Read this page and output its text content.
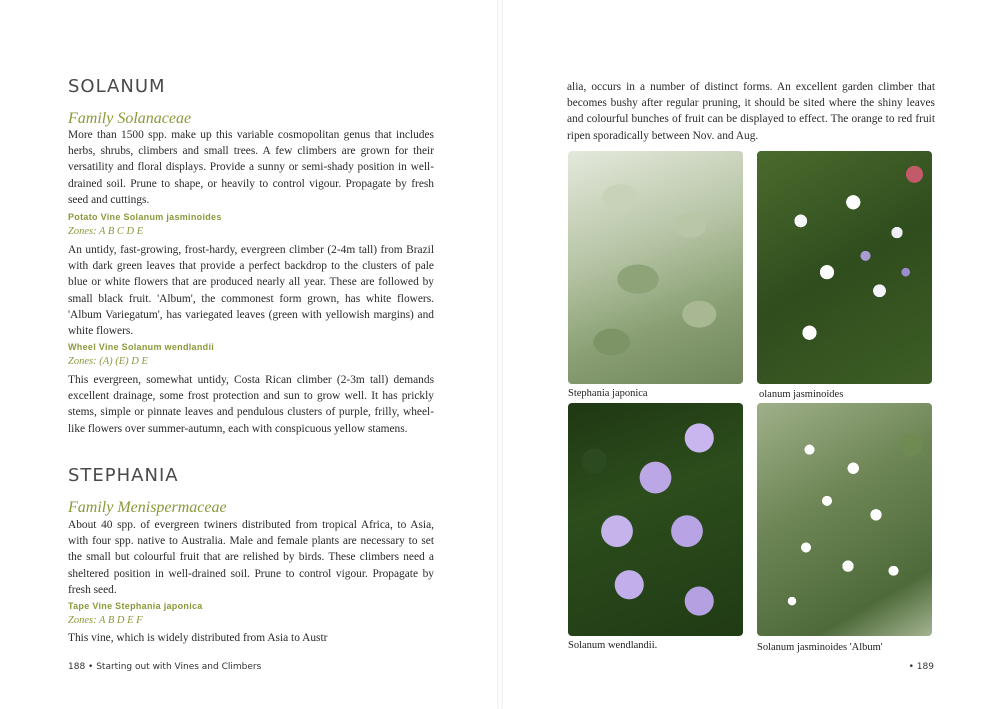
SOLANUM
Family Solanaceae

More than 1500 spp. make up this variable cosmopolitan genus that includes herbs, shrubs, climbers and small trees. A few climbers are grown for their versatility and floral displays. Provide a sunny or semi-shady position in well-drained soil. Prune to shape, or heavily to control vigour. Propagate by fresh seed and cuttings.

Potato Vine Solanum jasminoides
Zones: A B C D E

An untidy, fast-growing, frost-hardy, evergreen climber (2-4m tall) from Brazil with dark green leaves that provide a perfect backdrop to the clusters of pale blue or white flowers that are produced nearly all year. These are followed by small black fruit. 'Album', the commonest form grown, has white flowers. 'Album Variegatum', has variegated leaves (green with yellowish margins) and white flowers.

Wheel Vine Solanum wendlandii
Zones: (A) (E) D E

This evergreen, somewhat untidy, Costa Rican climber (2-3m tall) demands excellent drainage, some frost protection and sun to grow well. It has prickly stems, simple or pinnate leaves and pendulous clusters of purple, frilly, wheel-like flowers over summer-autumn, each with conspicuous yellow stamens.

STEPHANIA
Family Menispermaceae

About 40 spp. of evergreen twiners distributed from tropical Africa, to Asia, with four spp. native to Australia. Male and female plants are necessary to set the small but colourful fruit that are relished by birds. These climbers need a sheltered position in well-drained soil. Prune to control vigour. Propagate by fresh seed.

Tape Vine Stephania japonica
Zones: A B D E F

This vine, which is widely distributed from Asia to Austr

188 • Starting out with Vines and Climbers

alia, occurs in a number of distinct forms. An excellent garden climber that becomes bushy after regular pruning, it should be sited where the shiny leaves and colourful bunches of fruit can be displayed to effect. The orange to red fruit ripen sporadically between Nov. and Aug.

Stephania japonica	olanum jasminoides
Solanum wendlandii.	Solanum jasminoides 'Album'
• 189
